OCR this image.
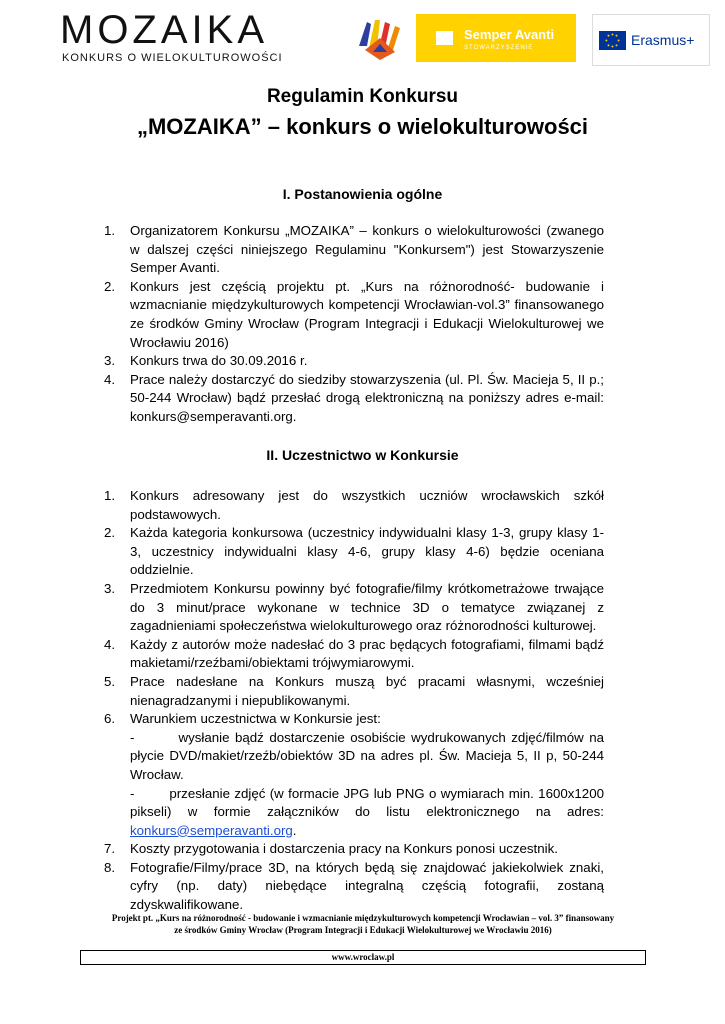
MOZAIKA
KONKURS O WIELOKULTUROWOŚCI
Semper Avanti
STOWARZYSZENIE	Erasmus+
Regulamin Konkursu
„MOZAIKA” – konkurs o wielokulturowości
I. Postanowienia ogólne
1. Organizatorem Konkursu „MOZAIKA” – konkurs o wielokulturowości (zwanego w dalszej części niniejszego Regulaminu "Konkursem") jest Stowarzyszenie Semper Avanti.
2. Konkurs jest częścią projektu pt. „Kurs na różnorodność- budowanie i wzmacnianie międzykulturowych kompetencji Wrocławian-vol.3” finansowanego ze środków Gminy Wrocław (Program Integracji i Edukacji Wielokulturowej we Wrocławiu 2016)
3. Konkurs trwa do 30.09.2016 r.
4. Prace należy dostarczyć do siedziby stowarzyszenia (ul. Pl. Św. Macieja 5, II p.; 50-244 Wrocław) bądź przesłać drogą elektroniczną na poniższy adres e-mail: konkurs@semperavanti.org.
II. Uczestnictwo w Konkursie
1. Konkurs adresowany jest do wszystkich uczniów wrocławskich szkół podstawowych.
2. Każda kategoria konkursowa (uczestnicy indywidualni klasy 1-3, grupy klasy 1-3, uczestnicy indywidualni klasy 4-6, grupy klasy 4-6) będzie oceniana oddzielnie.
3. Przedmiotem Konkursu powinny być fotografie/filmy krótkometrażowe trwające do 3 minut/prace wykonane w technice 3D o tematyce związanej z zagadnieniami społeczeństwa wielokulturowego oraz różnorodności kulturowej.
4. Każdy z autorów może nadesłać do 3 prac będących fotografiami, filmami bądź makietami/rzeźbami/obiektami trójwymiarowymi.
5. Prace nadesłane na Konkurs muszą być pracami własnymi, wcześniej nienagradzanymi i niepublikowanymi.
6. Warunkiem uczestnictwa w Konkursie jest:

-        wysłanie bądź dostarczenie osobiście wydrukowanych zdjęć/filmów na płycie DVD/makiet/rzeźb/obiektów 3D na adres pl. Św. Macieja 5, II p, 50-244 Wrocław.

-        przesłanie zdjęć (w formacie JPG lub PNG o wymiarach min. 1600x1200 pikseli) w formie załączników do listu elektronicznego na adres: konkurs@semperavanti.org.

7. Koszty przygotowania i dostarczenia pracy na Konkurs ponosi uczestnik.
8. Fotografie/Filmy/prace 3D, na których będą się znajdować jakiekolwiek znaki, cyfry (np. daty) niebędące integralną częścią fotografii, zostaną zdyskwalifikowane.
Projekt pt. „Kurs na różnorodność - budowanie i wzmacnianie międzykulturowych kompetencji Wrocławian – vol. 3” finansowany
ze środków Gminy Wrocław (Program Integracji i Edukacji Wielokulturowej we Wrocławiu 2016)
www.wroclaw.pl
